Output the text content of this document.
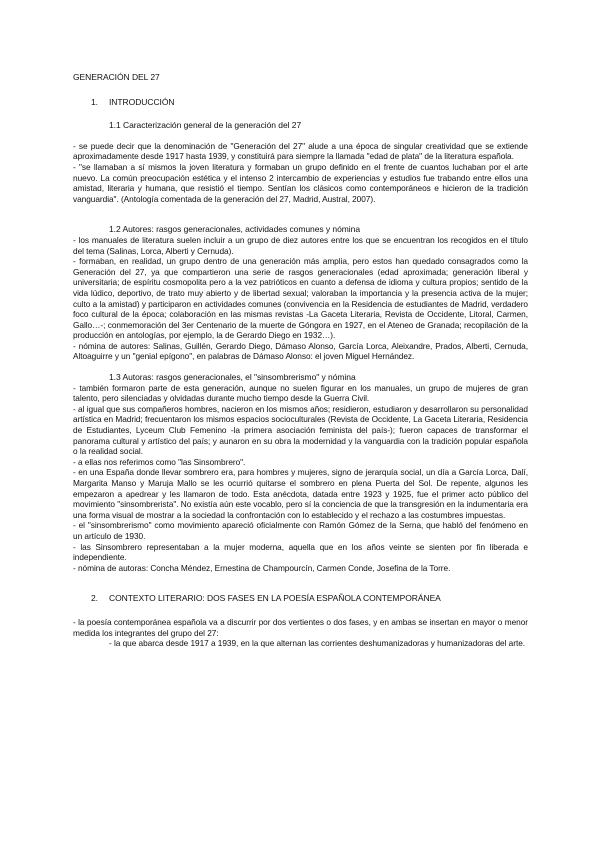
GENERACIÓN DEL 27
1. INTRODUCCIÓN
1.1 Caracterización general de la generación del 27

- se puede decir que la denominación de "Generación del 27" alude a una época de singular creatividad que se extiende aproximadamente desde 1917 hasta 1939, y constituirá para siempre la llamada "edad de plata" de la literatura española.

- "se llamaban a sí mismos la joven literatura y formaban un grupo definido en el frente de cuantos luchaban por el arte nuevo. La común preocupación estética y el intenso 2 intercambio de experiencias y estudios fue trabando entre ellos una amistad, literaria y humana, que resistió el tiempo. Sentían los clásicos como contemporáneos e hicieron de la tradición vanguardia". (Antología comentada de la generación del 27, Madrid, Austral, 2007).

1.2 Autores: rasgos generacionales, actividades comunes y nómina

- los manuales de literatura suelen incluir a un grupo de diez autores entre los que se encuentran los recogidos en el título del tema (Salinas, Lorca, Alberti y Cernuda).

- formaban, en realidad, un grupo dentro de una generación más amplia, pero estos han quedado consagrados como la Generación del 27, ya que compartieron una serie de rasgos generacionales (edad aproximada; generación liberal y universitaria; de espíritu cosmopolita pero a la vez patrióticos en cuanto a defensa de idioma y cultura propios; sentido de la vida lúdico, deportivo, de trato muy abierto y de libertad sexual; valoraban la importancia y la presencia activa de la mujer; culto a la amistad) y participaron en actividades comunes (convivencia en la Residencia de estudiantes de Madrid, verdadero foco cultural de la época; colaboración en las mismas revistas -La Gaceta Literaria, Revista de Occidente, Litoral, Carmen, Gallo…-; conmemoración del 3er Centenario de la muerte de Góngora en 1927, en el Ateneo de Granada; recopilación de la producción en antologías, por ejemplo, la de Gerardo Diego en 1932…).

- nómina de autores: Salinas, Guillén, Gerardo Diego, Dámaso Alonso, García Lorca, Aleixandre, Prados, Alberti, Cernuda, Altoaguirre y un "genial epígono", en palabras de Dámaso Alonso: el joven Miguel Hernández.

1.3 Autoras: rasgos generacionales, el "sinsombrerismo" y nómina

- también formaron parte de esta generación, aunque no suelen figurar en los manuales, un grupo de mujeres de gran talento, pero silenciadas y olvidadas durante mucho tiempo desde la Guerra Civil.

- al igual que sus compañeros hombres, nacieron en los mismos años; residieron, estudiaron y desarrollaron su personalidad artística en Madrid; frecuentaron los mismos espacios socioculturales (Revista de Occidente, La Gaceta Literaria, Residencia de Estudiantes, Lyceum Club Femenino -la primera asociación feminista del país-); fueron capaces de transformar el panorama cultural y artístico del país; y aunaron en su obra la modernidad y la vanguardia con la tradición popular española o la realidad social.

- a ellas nos referimos como "las Sinsombrero".

- en una España donde llevar sombrero era, para hombres y mujeres, signo de jerarquía social, un día a García Lorca, Dalí, Margarita Manso y Maruja Mallo se les ocurrió quitarse el sombrero en plena Puerta del Sol. De repente, algunos les empezaron a apedrear y les llamaron de todo. Esta anécdota, datada entre 1923 y 1925, fue el primer acto público del movimiento "sinsombrerista". No existía aún este vocablo, pero sí la conciencia de que la transgresión en la indumentaria era una forma visual de mostrar a la sociedad la confrontación con lo establecido y el rechazo a las costumbres impuestas.

- el "sinsombrerismo" como movimiento apareció oficialmente con Ramón Gómez de la Serna, que habló del fenómeno en un artículo de 1930.

- las Sinsombrero representaban a la mujer moderna, aquella que en los años veinte se sienten por fin liberada e independiente.

- nómina de autoras: Concha Méndez, Ernestina de Champourcín, Carmen Conde, Josefina de la Torre.

2. CONTEXTO LITERARIO: DOS FASES EN LA POESÍA ESPAÑOLA CONTEMPORÁNEA

- la poesía contemporánea española va a discurrir por dos vertientes o dos fases, y en ambas se insertan en mayor o menor medida los integrantes del grupo del 27:

- la que abarca desde 1917 a 1939, en la que alternan las corrientes deshumanizadoras y humanizadoras del arte.
